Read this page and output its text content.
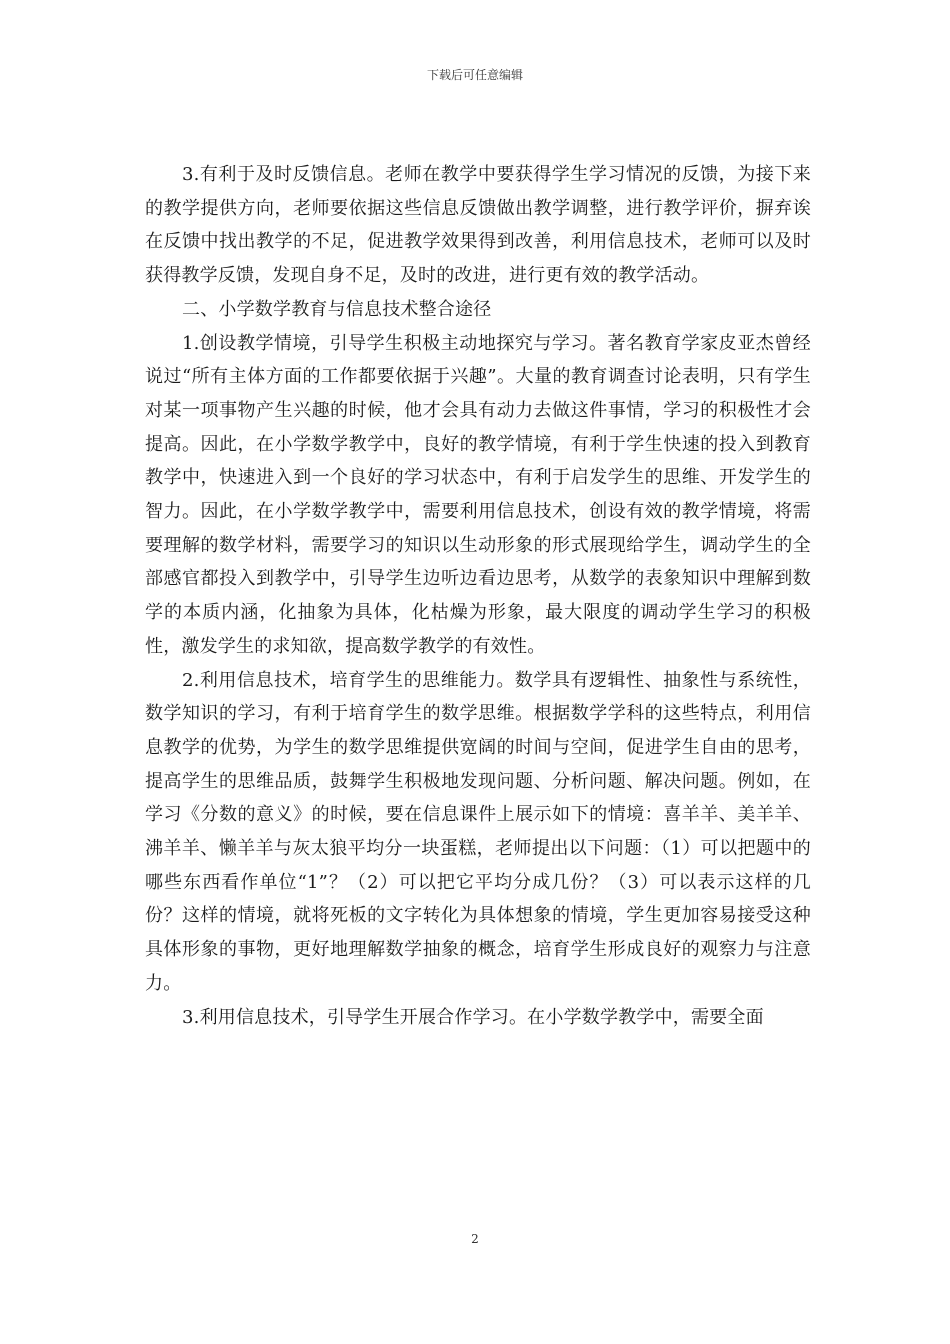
下载后可任意编辑

3.有利于及时反馈信息。老师在教学中要获得学生学习情况的反馈，为接下来的教学提供方向，老师要依据这些信息反馈做出教学调整，进行教学评价，摒弃诶在反馈中找出教学的不足，促进教学效果得到改善，利用信息技术，老师可以及时获得教学反馈，发现自身不足，及时的改进，进行更有效的教学活动。

二、小学数学教育与信息技术整合途径

1.创设教学情境，引导学生积极主动地探究与学习。著名教育学家皮亚杰曾经说过“所有主体方面的工作都要依据于兴趣”。大量的教育调查讨论表明，只有学生对某一项事物产生兴趣的时候，他才会具有动力去做这件事情，学习的积极性才会提高。因此，在小学数学教学中，良好的教学情境，有利于学生快速的投入到教育教学中，快速进入到一个良好的学习状态中，有利于启发学生的思维、开发学生的智力。因此，在小学数学教学中，需要利用信息技术，创设有效的教学情境，将需要理解的数学材料，需要学习的知识以生动形象的形式展现给学生，调动学生的全部感官都投入到教学中，引导学生边听边看边思考，从数学的表象知识中理解到数学的本质内涵，化抽象为具体，化枯燥为形象，最大限度的调动学生学习的积极性，激发学生的求知欲，提高数学教学的有效性。

2.利用信息技术，培育学生的思维能力。数学具有逻辑性、抽象性与系统性，数学知识的学习，有利于培育学生的数学思维。根据数学学科的这些特点，利用信息教学的优势，为学生的数学思维提供宽阔的时间与空间，促进学生自由的思考，提高学生的思维品质，鼓舞学生积极地发现问题、分析问题、解决问题。例如，在学习《分数的意义》的时候，要在信息课件上展示如下的情境：喜羊羊、美羊羊、沸羊羊、懒羊羊与灰太狼平均分一块蛋糕，老师提出以下问题：（1）可以把题中的哪些东西看作单位“1”？（2）可以把它平均分成几份？（3）可以表示这样的几份？这样的情境，就将死板的文字转化为具体想象的情境，学生更加容易接受这种具体形象的事物，更好地理解数学抽象的概念，培育学生形成良好的观察力与注意力。

3.利用信息技术，引导学生开展合作学习。在小学数学教学中，需要全面

2
